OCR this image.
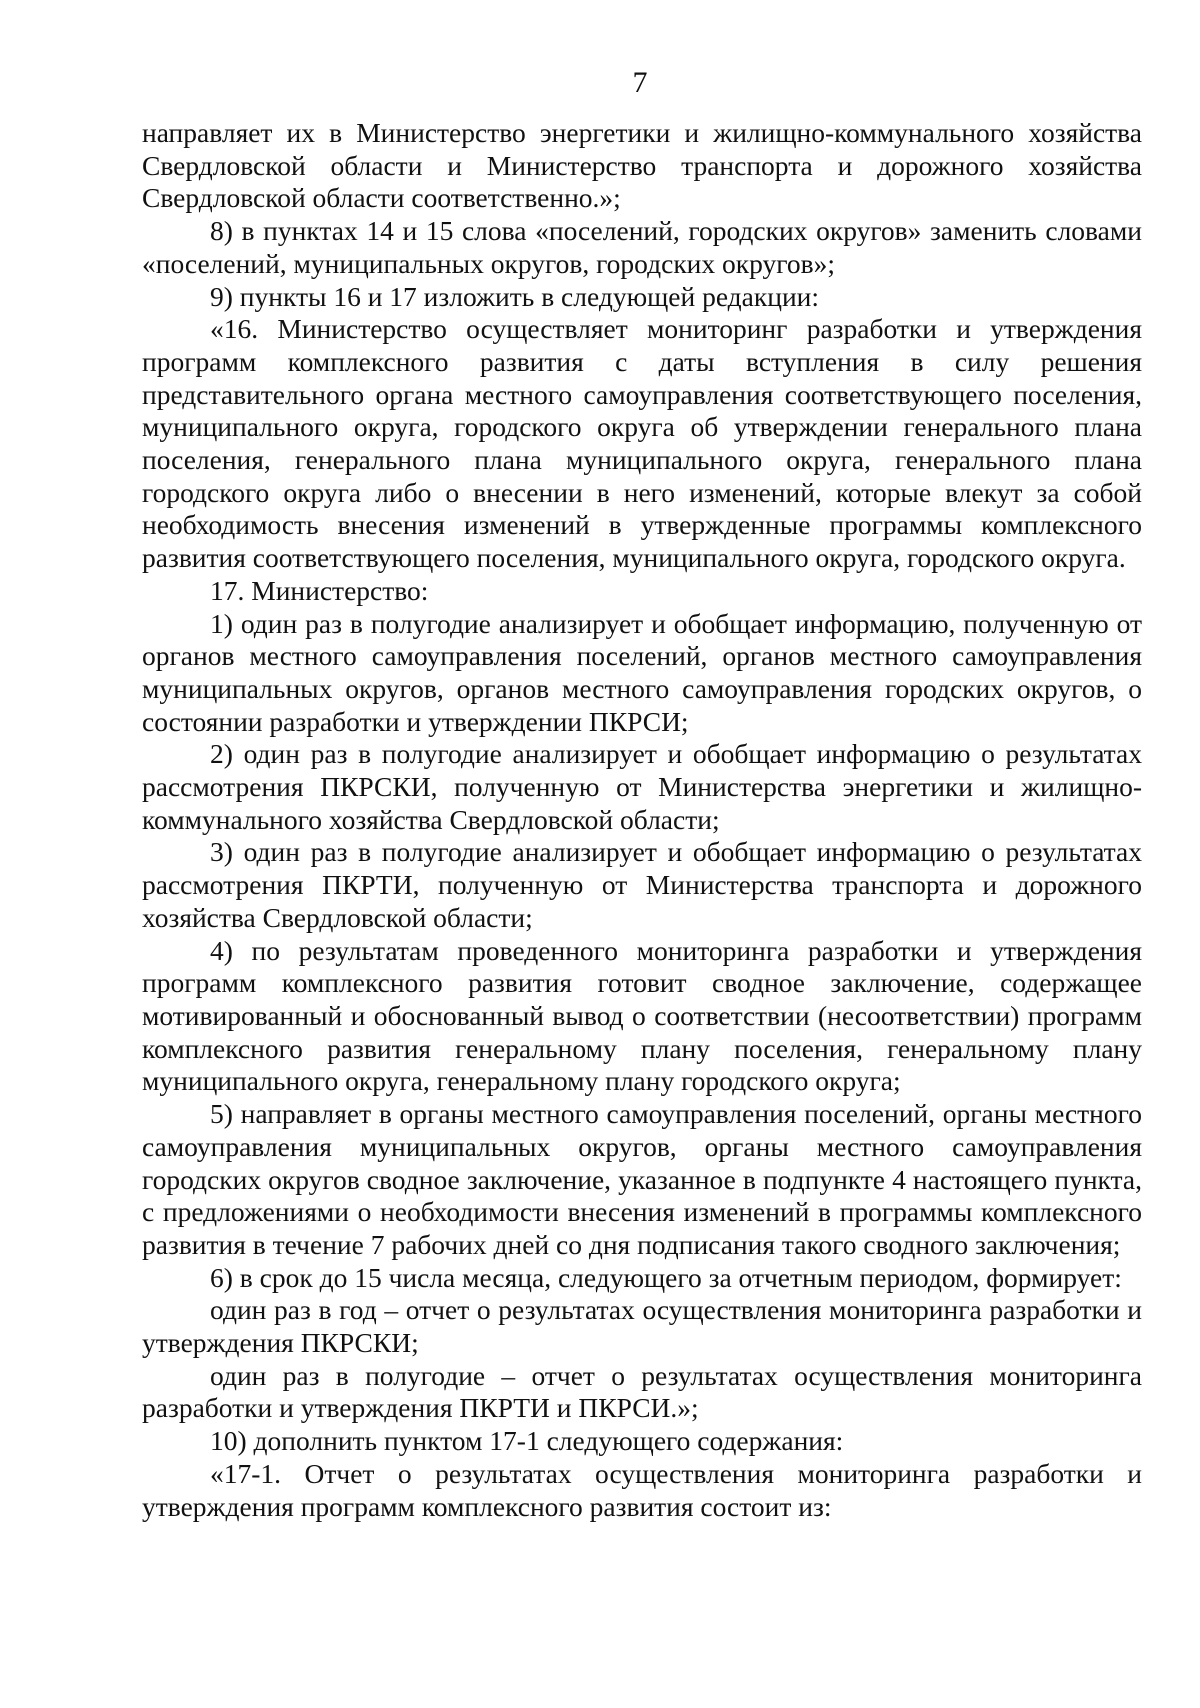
7

направляет их в Министерство энергетики и жилищно-коммунального хозяйства Свердловской области и Министерство транспорта и дорожного хозяйства Свердловской области соответственно.»;

8) в пунктах 14 и 15 слова «поселений, городских округов» заменить словами «поселений, муниципальных округов, городских округов»;

9) пункты 16 и 17 изложить в следующей редакции:

«16. Министерство осуществляет мониторинг разработки и утверждения программ комплексного развития с даты вступления в силу решения представительного органа местного самоуправления соответствующего поселения, муниципального округа, городского округа об утверждении генерального плана поселения, генерального плана муниципального округа, генерального плана городского округа либо о внесении в него изменений, которые влекут за собой необходимость внесения изменений в утвержденные программы комплексного развития соответствующего поселения, муниципального округа, городского округа.

17. Министерство:

1) один раз в полугодие анализирует и обобщает информацию, полученную от органов местного самоуправления поселений, органов местного самоуправления муниципальных округов, органов местного самоуправления городских округов, о состоянии разработки и утверждении ПКРСИ;

2) один раз в полугодие анализирует и обобщает информацию о результатах рассмотрения ПКРСКИ, полученную от Министерства энергетики и жилищно-коммунального хозяйства Свердловской области;

3) один раз в полугодие анализирует и обобщает информацию о результатах рассмотрения ПКРТИ, полученную от Министерства транспорта и дорожного хозяйства Свердловской области;

4) по результатам проведенного мониторинга разработки и утверждения программ комплексного развития готовит сводное заключение, содержащее мотивированный и обоснованный вывод о соответствии (несоответствии) программ комплексного развития генеральному плану поселения, генеральному плану муниципального округа, генеральному плану городского округа;

5) направляет в органы местного самоуправления поселений, органы местного самоуправления муниципальных округов, органы местного самоуправления городских округов сводное заключение, указанное в подпункте 4 настоящего пункта, с предложениями о необходимости внесения изменений в программы комплексного развития в течение 7 рабочих дней со дня подписания такого сводного заключения;

6) в срок до 15 числа месяца, следующего за отчетным периодом, формирует:

один раз в год – отчет о результатах осуществления мониторинга разработки и утверждения ПКРСКИ;

один раз в полугодие – отчет о результатах осуществления мониторинга разработки и утверждения ПКРТИ и ПКРСИ.»;

10) дополнить пунктом 17-1 следующего содержания:

«17-1. Отчет о результатах осуществления мониторинга разработки и утверждения программ комплексного развития состоит из:
